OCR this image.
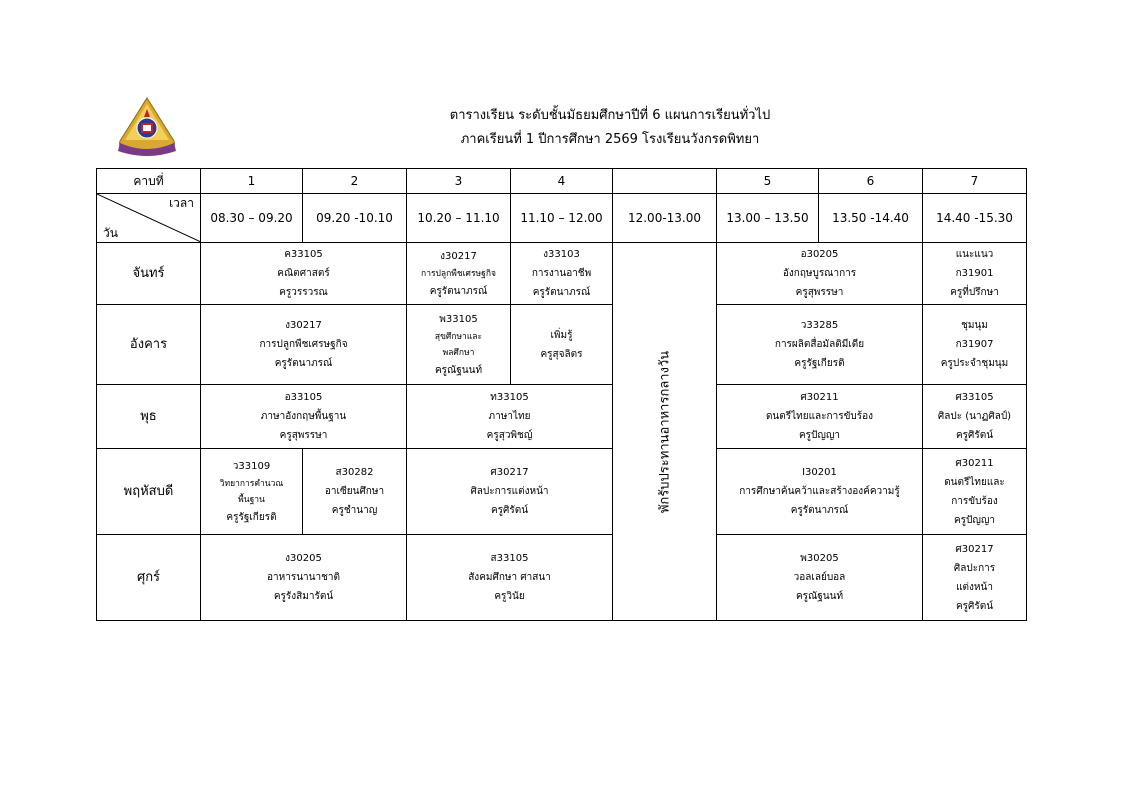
ตารางเรียน ระดับชั้นมัธยมศึกษาปีที่ 6 แผนการเรียนทั่วไป
ภาคเรียนที่ 1 ปีการศึกษา 2569 โรงเรียนวังกรดพิทยา
คาบที่	1	2	3	4		5	6	7

เวลา
วัน	08.30 – 09.20	09.20 -10.10	10.20 – 11.10	11.10 – 12.00	12.00-13.00	13.00 – 13.50	13.50 -14.40	14.40 -15.30
จันทร์	ค33105
คณิตศาสตร์
ครูวรรวรณ		ง30217
การปลูกพืชเศรษฐกิจ
ครูรัตนาภรณ์	ง33103
การงานอาชีพ
ครูรัตนาภรณ์	พักรับประทานอาหารกลางวัน	อ30205
อังกฤษบูรณาการ
ครูสุพรรษา		แนะแนว
ก31901
ครูที่ปรึกษา

อังคาร	ง30217
การปลูกพืชเศรษฐกิจ
ครูรัตนาภรณ์		พ33105
สุขศึกษาและ
พลศึกษา
ครูณัฐนนท์	เพิ่มรู้
ครูสุจลิตร		ว33285
การผลิตสื่อมัลติมีเดีย
ครูรัฐเกียรติ		ชุมนุม
ก31907
ครูประจำชุมนุม

พุธ	อ33105
ภาษาอังกฤษพื้นฐาน
ครูสุพรรษา		ท33105
ภาษาไทย
ครูสุวพิชญ์			ศ30211
ดนตรีไทยและการขับร้อง
ครูปัญญา		ศ33105
ศิลปะ (นาฏศิลป์)
ครูศิรัตน์

พฤหัสบดี	ว33109
วิทยาการคำนวณ
พื้นฐาน
ครูรัฐเกียรติ	ส30282
อาเซียนศึกษา
ครูชำนาญ	ศ30217
ศิลปะการแต่งหน้า
ครูศิรัตน์			I30201
การศึกษาค้นคว้าและสร้างองค์ความรู้
ครูรัตนาภรณ์		ศ30211
ดนตรีไทยและ
การขับร้อง
ครูปัญญา

ศุกร์	ง30205
อาหารนานาชาติ
ครูรังสิมารัตน์		ส33105
สังคมศึกษา ศาสนา
ครูวินัย			พ30205
วอลเลย์บอล
ครูณัฐนนท์		ศ30217
ศิลปะการ
แต่งหน้า
ครูศิรัตน์
